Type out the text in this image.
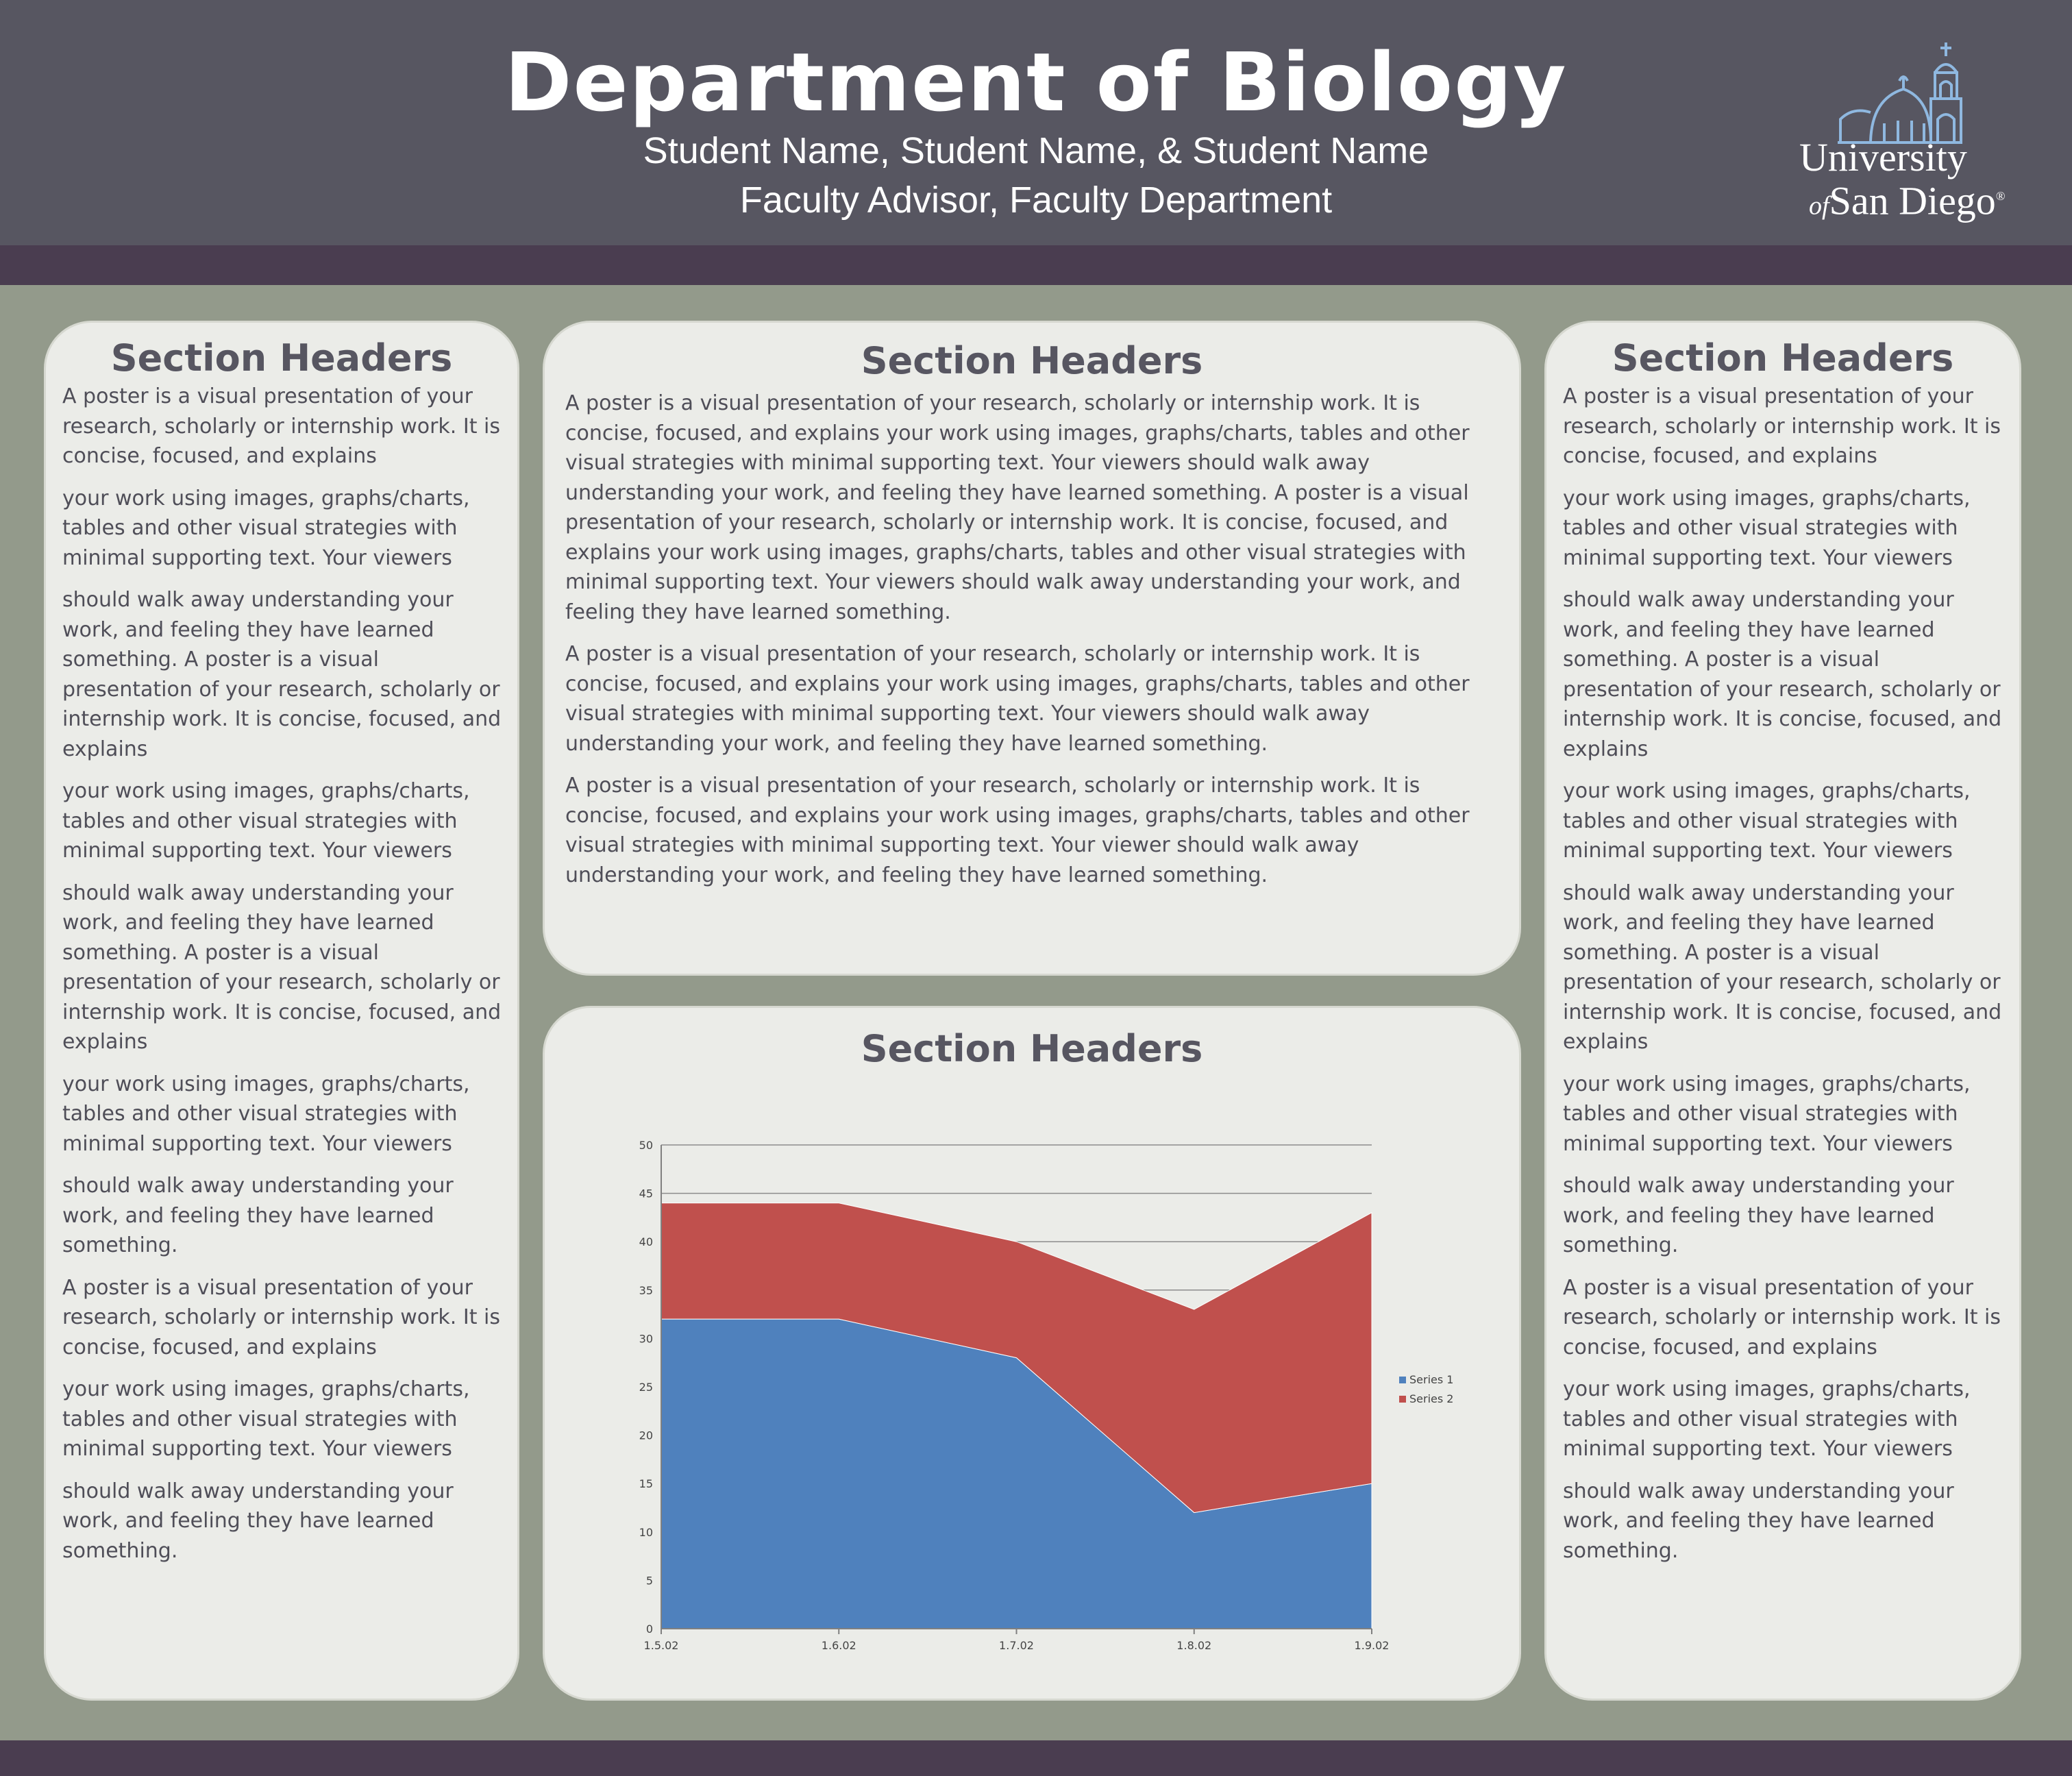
Department of Biology
Student Name, Student Name, & Student Name
Faculty Advisor, Faculty Department
University
ofSan Diego®
Section Headers

A poster is a visual presentation of your research, scholarly or internship work. It is concise, focused, and explains

your work using images, graphs/charts, tables and other visual strategies with minimal supporting text. Your viewers

should walk away understanding your work, and feeling they have learned something. A poster is a visual presentation of your research, scholarly or internship work. It is concise, focused, and explains

your work using images, graphs/charts, tables and other visual strategies with minimal supporting text. Your viewers

should walk away understanding your work, and feeling they have learned something. A poster is a visual presentation of your research, scholarly or internship work. It is concise, focused, and explains

your work using images, graphs/charts, tables and other visual strategies with minimal supporting text. Your viewers

should walk away understanding your work, and feeling they have learned something.

A poster is a visual presentation of your research, scholarly or internship work. It is concise, focused, and explains

your work using images, graphs/charts, tables and other visual strategies with minimal supporting text. Your viewers

should walk away understanding your work, and feeling they have learned something.

Section Headers

A poster is a visual presentation of your research, scholarly or internship work. It is concise, focused, and explains your work using images, graphs/charts, tables and other visual strategies with minimal supporting text. Your viewers should walk away understanding your work, and feeling they have learned something. A poster is a visual presentation of your research, scholarly or internship work. It is concise, focused, and explains your work using images, graphs/charts, tables and other visual strategies with minimal supporting text. Your viewers should walk away understanding your work, and feeling they have learned something.

A poster is a visual presentation of your research, scholarly or internship work. It is concise, focused, and explains your work using images, graphs/charts, tables and other visual strategies with minimal supporting text. Your viewers should walk away understanding your work, and feeling they have learned something.

A poster is a visual presentation of your research, scholarly or internship work. It is concise, focused, and explains your work using images, graphs/charts, tables and other visual strategies with minimal supporting text. Your viewer should walk away understanding your work, and feeling they have learned something.

Section Headers
0
5
10
15
20
25
30
35
40
45
50
1.5.02	1.6.02	1.7.02	1.8.02	1.9.02
Series 1
Series 2
Section Headers

A poster is a visual presentation of your research, scholarly or internship work. It is concise, focused, and explains

your work using images, graphs/charts, tables and other visual strategies with minimal supporting text. Your viewers

should walk away understanding your work, and feeling they have learned something. A poster is a visual presentation of your research, scholarly or internship work. It is concise, focused, and explains

your work using images, graphs/charts, tables and other visual strategies with minimal supporting text. Your viewers

should walk away understanding your work, and feeling they have learned something. A poster is a visual presentation of your research, scholarly or internship work. It is concise, focused, and explains

your work using images, graphs/charts, tables and other visual strategies with minimal supporting text. Your viewers

should walk away understanding your work, and feeling they have learned something.

A poster is a visual presentation of your research, scholarly or internship work. It is concise, focused, and explains

your work using images, graphs/charts, tables and other visual strategies with minimal supporting text. Your viewers

should walk away understanding your work, and feeling they have learned something.
